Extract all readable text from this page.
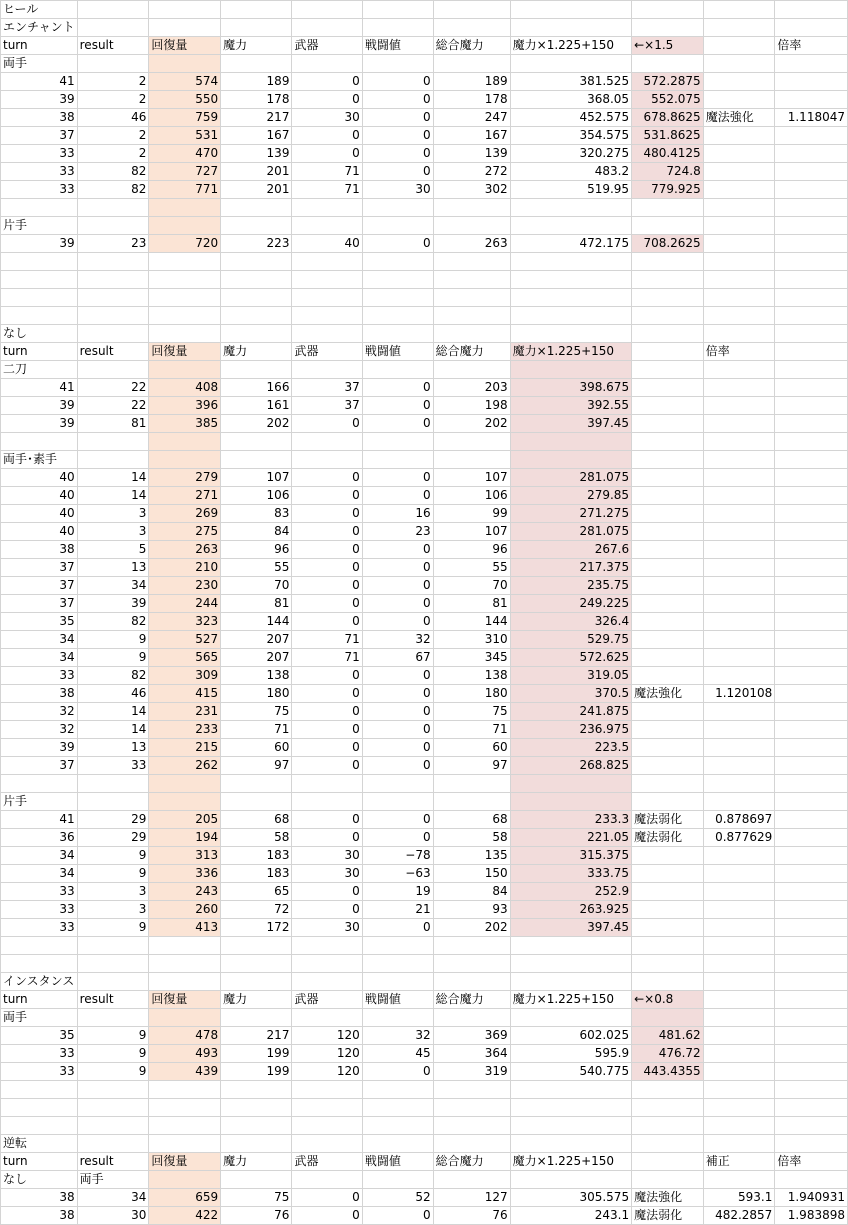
ヒール										
エンチャント										
turn	result	回復量	魔力	武器	戦闘値	総合魔力	魔力×1.225+150	←×1.5		倍率
両手										
41	2	574	189	0	0	189	381.525	572.2875		
39	2	550	178	0	0	178	368.05	552.075		
38	46	759	217	30	0	247	452.575	678.8625	魔法強化	1.118047
37	2	531	167	0	0	167	354.575	531.8625		
33	2	470	139	0	0	139	320.275	480.4125		
33	82	727	201	71	0	272	483.2	724.8		
33	82	771	201	71	30	302	519.95	779.925		

片手										
39	23	720	223	40	0	263	472.175	708.2625		

なし										
turn	result	回復量	魔力	武器	戦闘値	総合魔力	魔力×1.225+150		倍率	
二刀										
41	22	408	166	37	0	203	398.675			
39	22	396	161	37	0	198	392.55			
39	81	385	202	0	0	202	397.45			

両手･素手										
40	14	279	107	0	0	107	281.075			
40	14	271	106	0	0	106	279.85			
40	3	269	83	0	16	99	271.275			
40	3	275	84	0	23	107	281.075			
38	5	263	96	0	0	96	267.6			
37	13	210	55	0	0	55	217.375			
37	34	230	70	0	0	70	235.75			
37	39	244	81	0	0	81	249.225			
35	82	323	144	0	0	144	326.4			
34	9	527	207	71	32	310	529.75			
34	9	565	207	71	67	345	572.625			
33	82	309	138	0	0	138	319.05			
38	46	415	180	0	0	180	370.5	魔法強化	1.120108	
32	14	231	75	0	0	75	241.875			
32	14	233	71	0	0	71	236.975			
39	13	215	60	0	0	60	223.5			
37	33	262	97	0	0	97	268.825			

片手										
41	29	205	68	0	0	68	233.3	魔法弱化	0.878697	
36	29	194	58	0	0	58	221.05	魔法弱化	0.877629	
34	9	313	183	30	−78	135	315.375			
34	9	336	183	30	−63	150	333.75			
33	3	243	65	0	19	84	252.9			
33	3	260	72	0	21	93	263.925			
33	9	413	172	30	0	202	397.45			

インスタンス										
turn	result	回復量	魔力	武器	戦闘値	総合魔力	魔力×1.225+150	←×0.8		
両手										
35	9	478	217	120	32	369	602.025	481.62		
33	9	493	199	120	45	364	595.9	476.72		
33	9	439	199	120	0	319	540.775	443.4355		

逆転										
turn	result	回復量	魔力	武器	戦闘値	総合魔力	魔力×1.225+150		補正	倍率
なし	両手									
38	34	659	75	0	52	127	305.575	魔法強化	593.1	1.940931
38	30	422	76	0	0	76	243.1	魔法弱化	482.2857	1.983898
